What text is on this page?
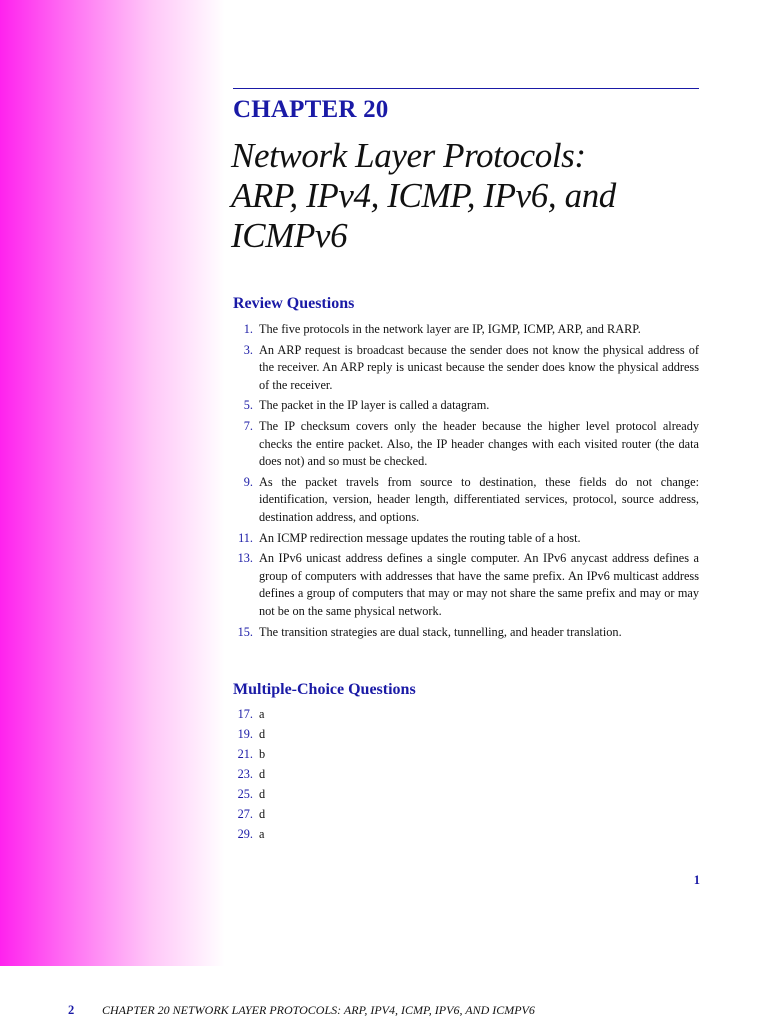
CHAPTER 20
Network Layer Protocols:
ARP, IPv4, ICMP, IPv6, and
ICMPv6
Review Questions
1. The five protocols in the network layer are IP, IGMP, ICMP, ARP, and RARP.
3. An ARP request is broadcast because the sender does not know the physical address of the receiver. An ARP reply is unicast because the sender does know the physical address of the receiver.
5. The packet in the IP layer is called a datagram.
7. The IP checksum covers only the header because the higher level protocol already checks the entire packet. Also, the IP header changes with each visited router (the data does not) and so must be checked.
9. As the packet travels from source to destination, these fields do not change: identification, version, header length, differentiated services, protocol, source address, destination address, and options.
11. An ICMP redirection message updates the routing table of a host.
13. An IPv6 unicast address defines a single computer. An IPv6 anycast address defines a group of computers with addresses that have the same prefix. An IPv6 multicast address defines a group of computers that may or may not share the same prefix and may or may not be on the same physical network.
15. The transition strategies are dual stack, tunnelling, and header translation.
Multiple-Choice Questions
17. a
19. d
21. b
23. d
25. d
27. d
29. a
1
2 CHAPTER 20 NETWORK LAYER PROTOCOLS: ARP, IPV4, ICMP, IPV6, AND ICMPV6
